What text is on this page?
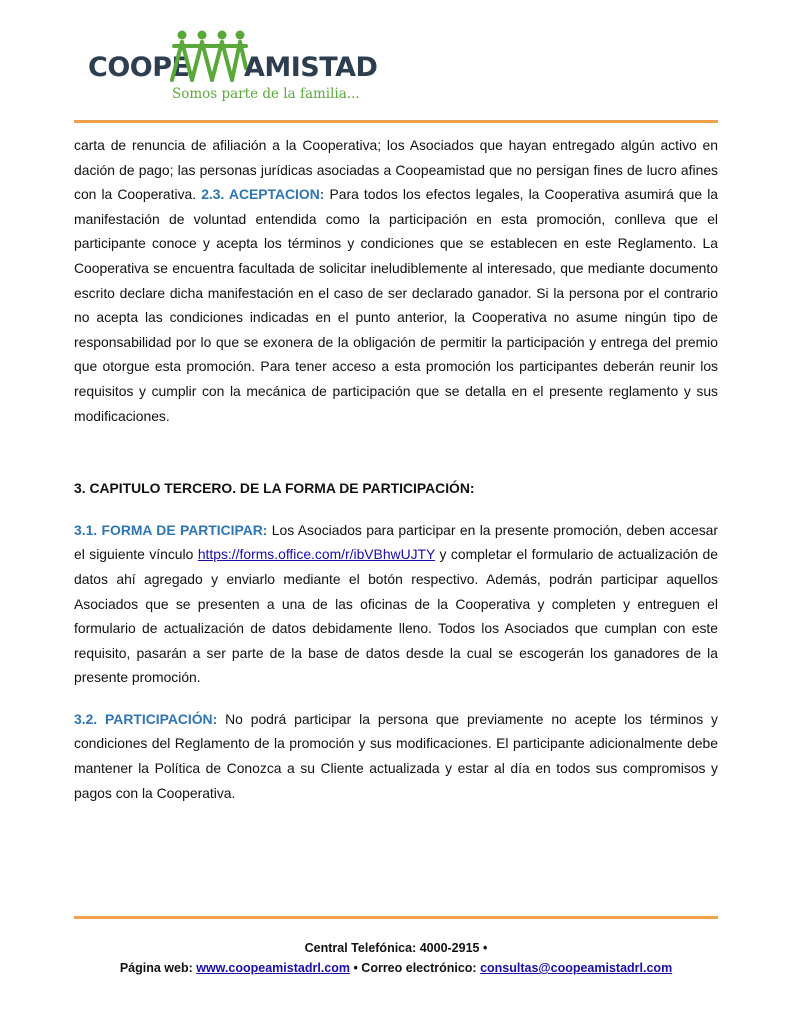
COOPE AMISTAD
Somos parte de la familia...

carta de renuncia de afiliación a la Cooperativa; los Asociados que hayan entregado algún activo en dación de pago; las personas jurídicas asociadas a Coopeamistad que no persigan fines de lucro afines con la Cooperativa. 2.3. ACEPTACION: Para todos los efectos legales, la Cooperativa asumirá que la manifestación de voluntad entendida como la participación en esta promoción, conlleva que el participante conoce y acepta los términos y condiciones que se establecen en este Reglamento. La Cooperativa se encuentra facultada de solicitar ineludiblemente al interesado, que mediante documento escrito declare dicha manifestación en el caso de ser declarado ganador. Si la persona por el contrario no acepta las condiciones indicadas en el punto anterior, la Cooperativa no asume ningún tipo de responsabilidad por lo que se exonera de la obligación de permitir la participación y entrega del premio que otorgue esta promoción. Para tener acceso a esta promoción los participantes deberán reunir los requisitos y cumplir con la mecánica de participación que se detalla en el presente reglamento y sus modificaciones.

3. CAPITULO TERCERO. DE LA FORMA DE PARTICIPACIÓN:

3.1. FORMA DE PARTICIPAR: Los Asociados para participar en la presente promoción, deben accesar el siguiente vínculo https://forms.office.com/r/ibVBhwUJTY y completar el formulario de actualización de datos ahí agregado y enviarlo mediante el botón respectivo. Además, podrán participar aquellos Asociados que se presenten a una de las oficinas de la Cooperativa y completen y entreguen el formulario de actualización de datos debidamente lleno. Todos los Asociados que cumplan con este requisito, pasarán a ser parte de la base de datos desde la cual se escogerán los ganadores de la presente promoción.

3.2. PARTICIPACIÓN: No podrá participar la persona que previamente no acepte los términos y condiciones del Reglamento de la promoción y sus modificaciones. El participante adicionalmente debe mantener la Política de Conozca a su Cliente actualizada y estar al día en todos sus compromisos y pagos con la Cooperativa.

Central Telefónica: 4000-2915 •
Página web: www.coopeamistadrl.com • Correo electrónico: consultas@coopeamistadrl.com
